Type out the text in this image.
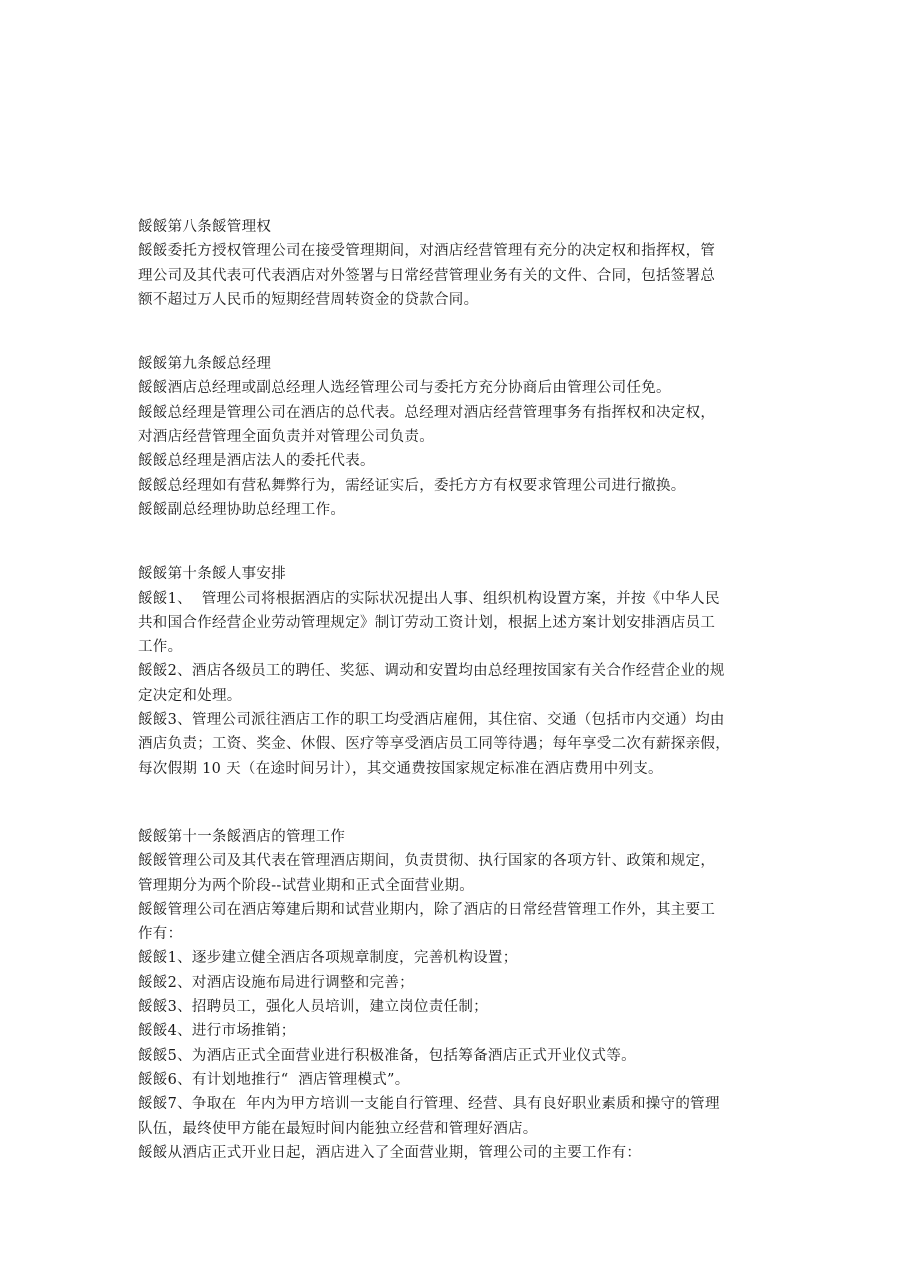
餒餒第八条餒管理权
餒餒委托方授权管理公司在接受管理期间，对酒店经营管理有充分的决定权和指挥权，管
理公司及其代表可代表酒店对外签署与日常经营管理业务有关的文件、合同，包括签署总
额不超过万人民币的短期经营周转资金的贷款合同。
餒餒第九条餒总经理
餒餒酒店总经理或副总经理人选经管理公司与委托方充分协商后由管理公司任免。
餒餒总经理是管理公司在酒店的总代表。总经理对酒店经营管理事务有指挥权和决定权，
对酒店经营管理全面负责并对管理公司负责。
餒餒总经理是酒店法人的委托代表。
餒餒总经理如有营私舞弊行为，需经证实后，委托方方有权要求管理公司进行撤换。
餒餒副总经理协助总经理工作。
餒餒第十条餒人事安排
餒餒1、  管理公司将根据酒店的实际状况提出人事、组织机构设置方案，并按《中华人民
共和国合作经营企业劳动管理规定》制订劳动工资计划，根据上述方案计划安排酒店员工
工作。
餒餒2、酒店各级员工的聘任、奖惩、调动和安置均由总经理按国家有关合作经营企业的规
定决定和处理。
餒餒3、管理公司派往酒店工作的职工均受酒店雇佣，其住宿、交通（包括市内交通）均由
酒店负责；工资、奖金、休假、医疗等享受酒店员工同等待遇；每年享受二次有薪探亲假，
每次假期 10 天（在途时间另计），其交通费按国家规定标准在酒店费用中列支。
餒餒第十一条餒酒店的管理工作
餒餒管理公司及其代表在管理酒店期间，负责贯彻、执行国家的各项方针、政策和规定，
管理期分为两个阶段--试营业期和正式全面营业期。
餒餒管理公司在酒店筹建后期和试营业期内，除了酒店的日常经营管理工作外，其主要工
作有：
餒餒1、逐步建立健全酒店各项规章制度，完善机构设置；
餒餒2、对酒店设施布局进行调整和完善；
餒餒3、招聘员工，强化人员培训，建立岗位责任制；
餒餒4、进行市场推销；
餒餒5、为酒店正式全面营业进行积极准备，包括筹备酒店正式开业仪式等。
餒餒6、有计划地推行“  酒店管理模式”。
餒餒7、争取在  年内为甲方培训一支能自行管理、经营、具有良好职业素质和操守的管理
队伍，最终使甲方能在最短时间内能独立经营和管理好酒店。
餒餒从酒店正式开业日起，酒店进入了全面营业期，管理公司的主要工作有：
